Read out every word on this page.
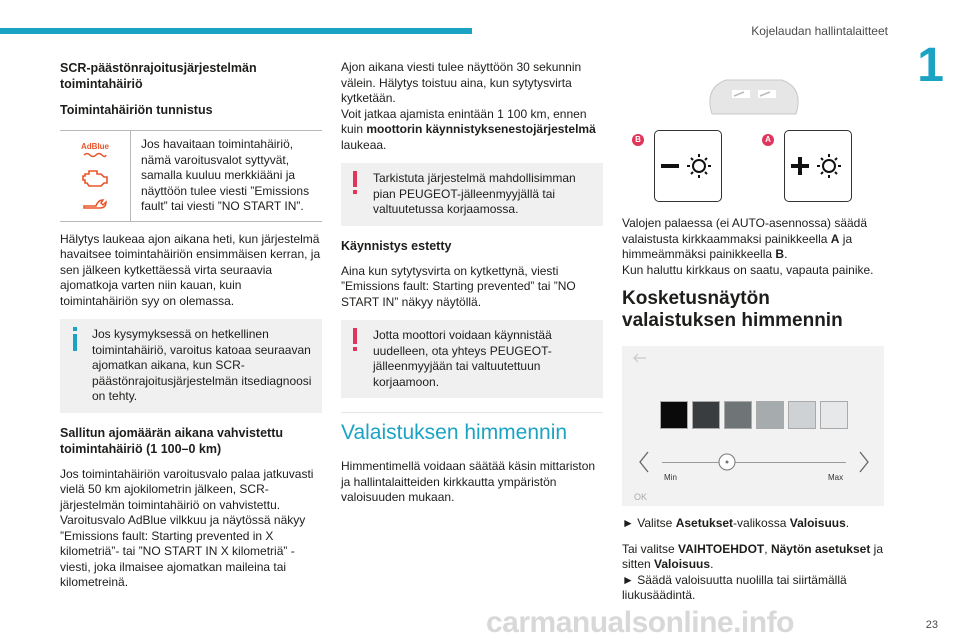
Kojelaudan hallintalaitteet
1
SCR-päästönrajoitusjärjestelmän toimintahäiriö
Toimintahäiriön tunnistus
AdBlue	Jos havaitaan toimintahäiriö, nämä varoitusvalot syttyvät, samalla kuuluu merkkiääni ja näyttöön tulee viesti ”Emissions fault” tai viesti ”NO START IN”.

Hälytys laukeaa ajon aikana heti, kun järjestelmä havaitsee toimintahäiriön ensimmäisen kerran, ja sen jälkeen kytkettäessä virta seuraavia ajomatkoja varten niin kauan, kuin toimintahäiriön syy on olemassa.

Jos kysymyksessä on hetkellinen toimintahäiriö, varoitus katoaa seuraavan ajomatkan aikana, kun SCR-päästönrajoitusjärjestelmän itsediagnoosi on tehty.
Sallitun ajomäärän aikana vahvistettu toimintahäiriö (1 100–0 km)

Jos toimintahäiriön varoitusvalo palaa jatkuvasti vielä 50 km ajokilometrin jälkeen, SCR-järjestelmän toimintahäiriö on vahvistettu. Varoitusvalo AdBlue vilkkuu ja näytössä näkyy ”Emissions fault: Starting prevented in X kilometriä”- tai ”NO START IN X kilometriä” -viesti, joka ilmaisee ajomatkan maileina tai kilometreinä.

Ajon aikana viesti tulee näyttöön 30 sekunnin välein. Hälytys toistuu aina, kun sytytysvirta kytketään.

Voit jatkaa ajamista enintään 1 100 km, ennen kuin moottorin käynnistyksenestojärjestelmä laukeaa.

Tarkistuta järjestelmä mahdollisimman pian PEUGEOT-jälleenmyyjällä tai valtuutetussa korjaamossa.
Käynnistys estetty

Aina kun sytytysvirta on kytkettynä, viesti ”Emissions fault: Starting prevented” tai ”NO START IN” näkyy näytöllä.

Jotta moottori voidaan käynnistää uudelleen, ota yhteys PEUGEOT-jälleenmyyjään tai valtuutettuun korjaamoon.
Valaistuksen himmennin

Himmentimellä voidaan säätää käsin mittariston ja hallintalaitteiden kirkkautta ympäristön valoisuuden mukaan.

B	A

Valojen palaessa (ei AUTO-asennossa) säädä valaistusta kirkkaammaksi painikkeella A ja himmeämmäksi painikkeella B.

Kun haluttu kirkkaus on saatu, vapauta painike.

Kosketusnäytön valaistuksen himmennin
Min	Max
OK

► Valitse Asetukset-valikossa Valoisuus.

Tai valitse VAIHTOEHDOT, Näytön asetukset ja sitten Valoisuus.

► Säädä valoisuutta nuolilla tai siirtämällä liukusäädintä.

23
carmanualsonline.info
